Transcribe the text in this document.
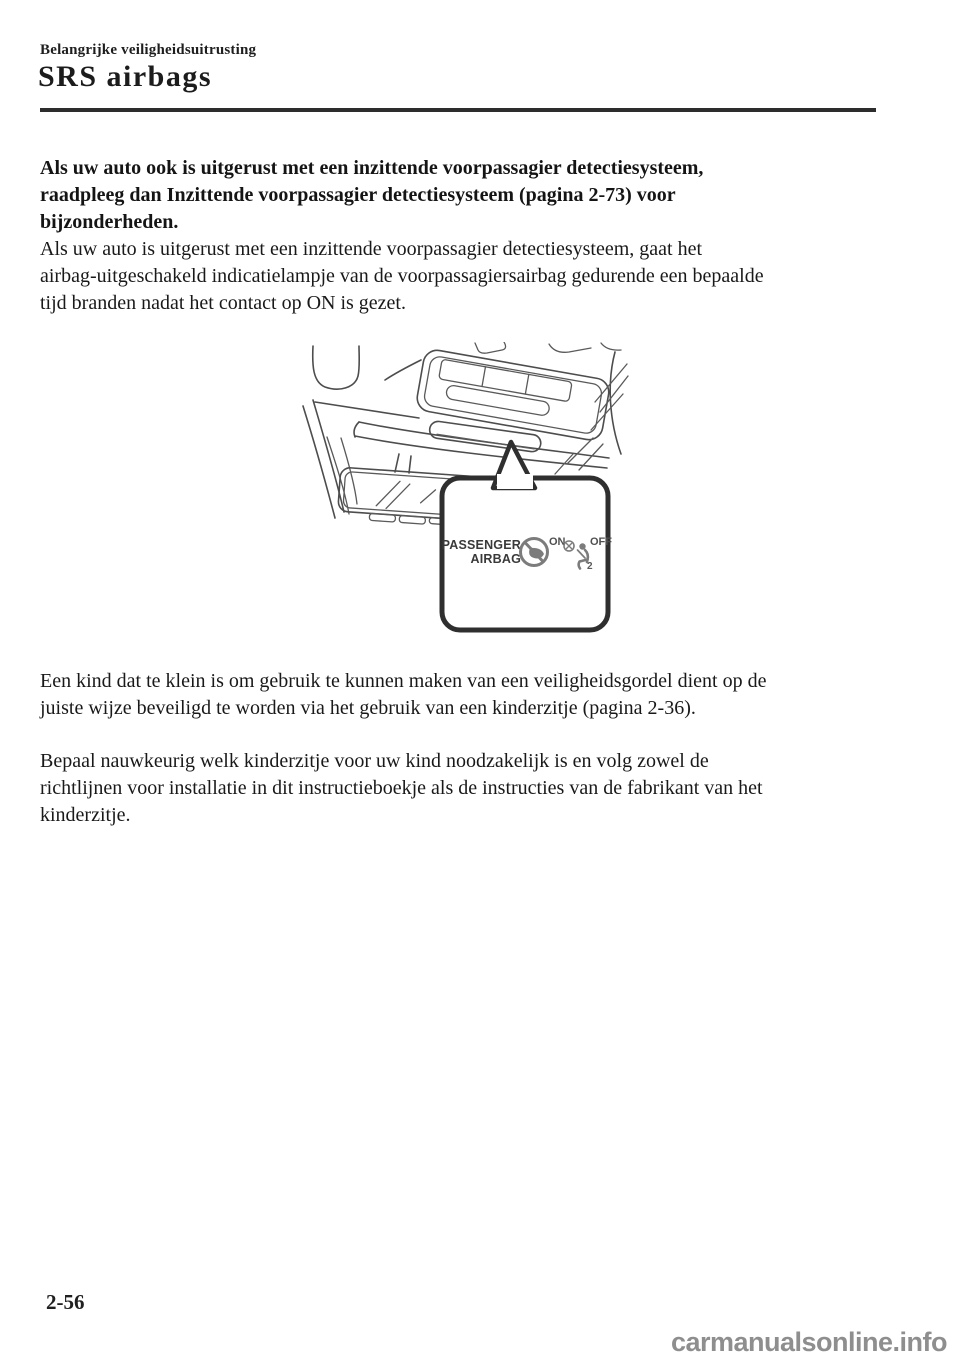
Belangrijke veiligheidsuitrusting
SRS airbags
Als uw auto ook is uitgerust met een inzittende voorpassagier detectiesysteem,
raadpleeg dan Inzittende voorpassagier detectiesysteem (pagina 2-73) voor
bijzonderheden.
Als uw auto is uitgerust met een inzittende voorpassagier detectiesysteem, gaat het
airbag-uitgeschakeld indicatielampje van de voorpassagiersairbag gedurende een bepaalde
tijd branden nadat het contact op ON is gezet.
PASSENGER
AIRBAG
ON OFF
2
Een kind dat te klein is om gebruik te kunnen maken van een veiligheidsgordel dient op de
juiste wijze beveiligd te worden via het gebruik van een kinderzitje (pagina 2-36).
Bepaal nauwkeurig welk kinderzitje voor uw kind noodzakelijk is en volg zowel de
richtlijnen voor installatie in dit instructieboekje als de instructies van de fabrikant van het
kinderzitje.
2-56
carmanualsonline.info
